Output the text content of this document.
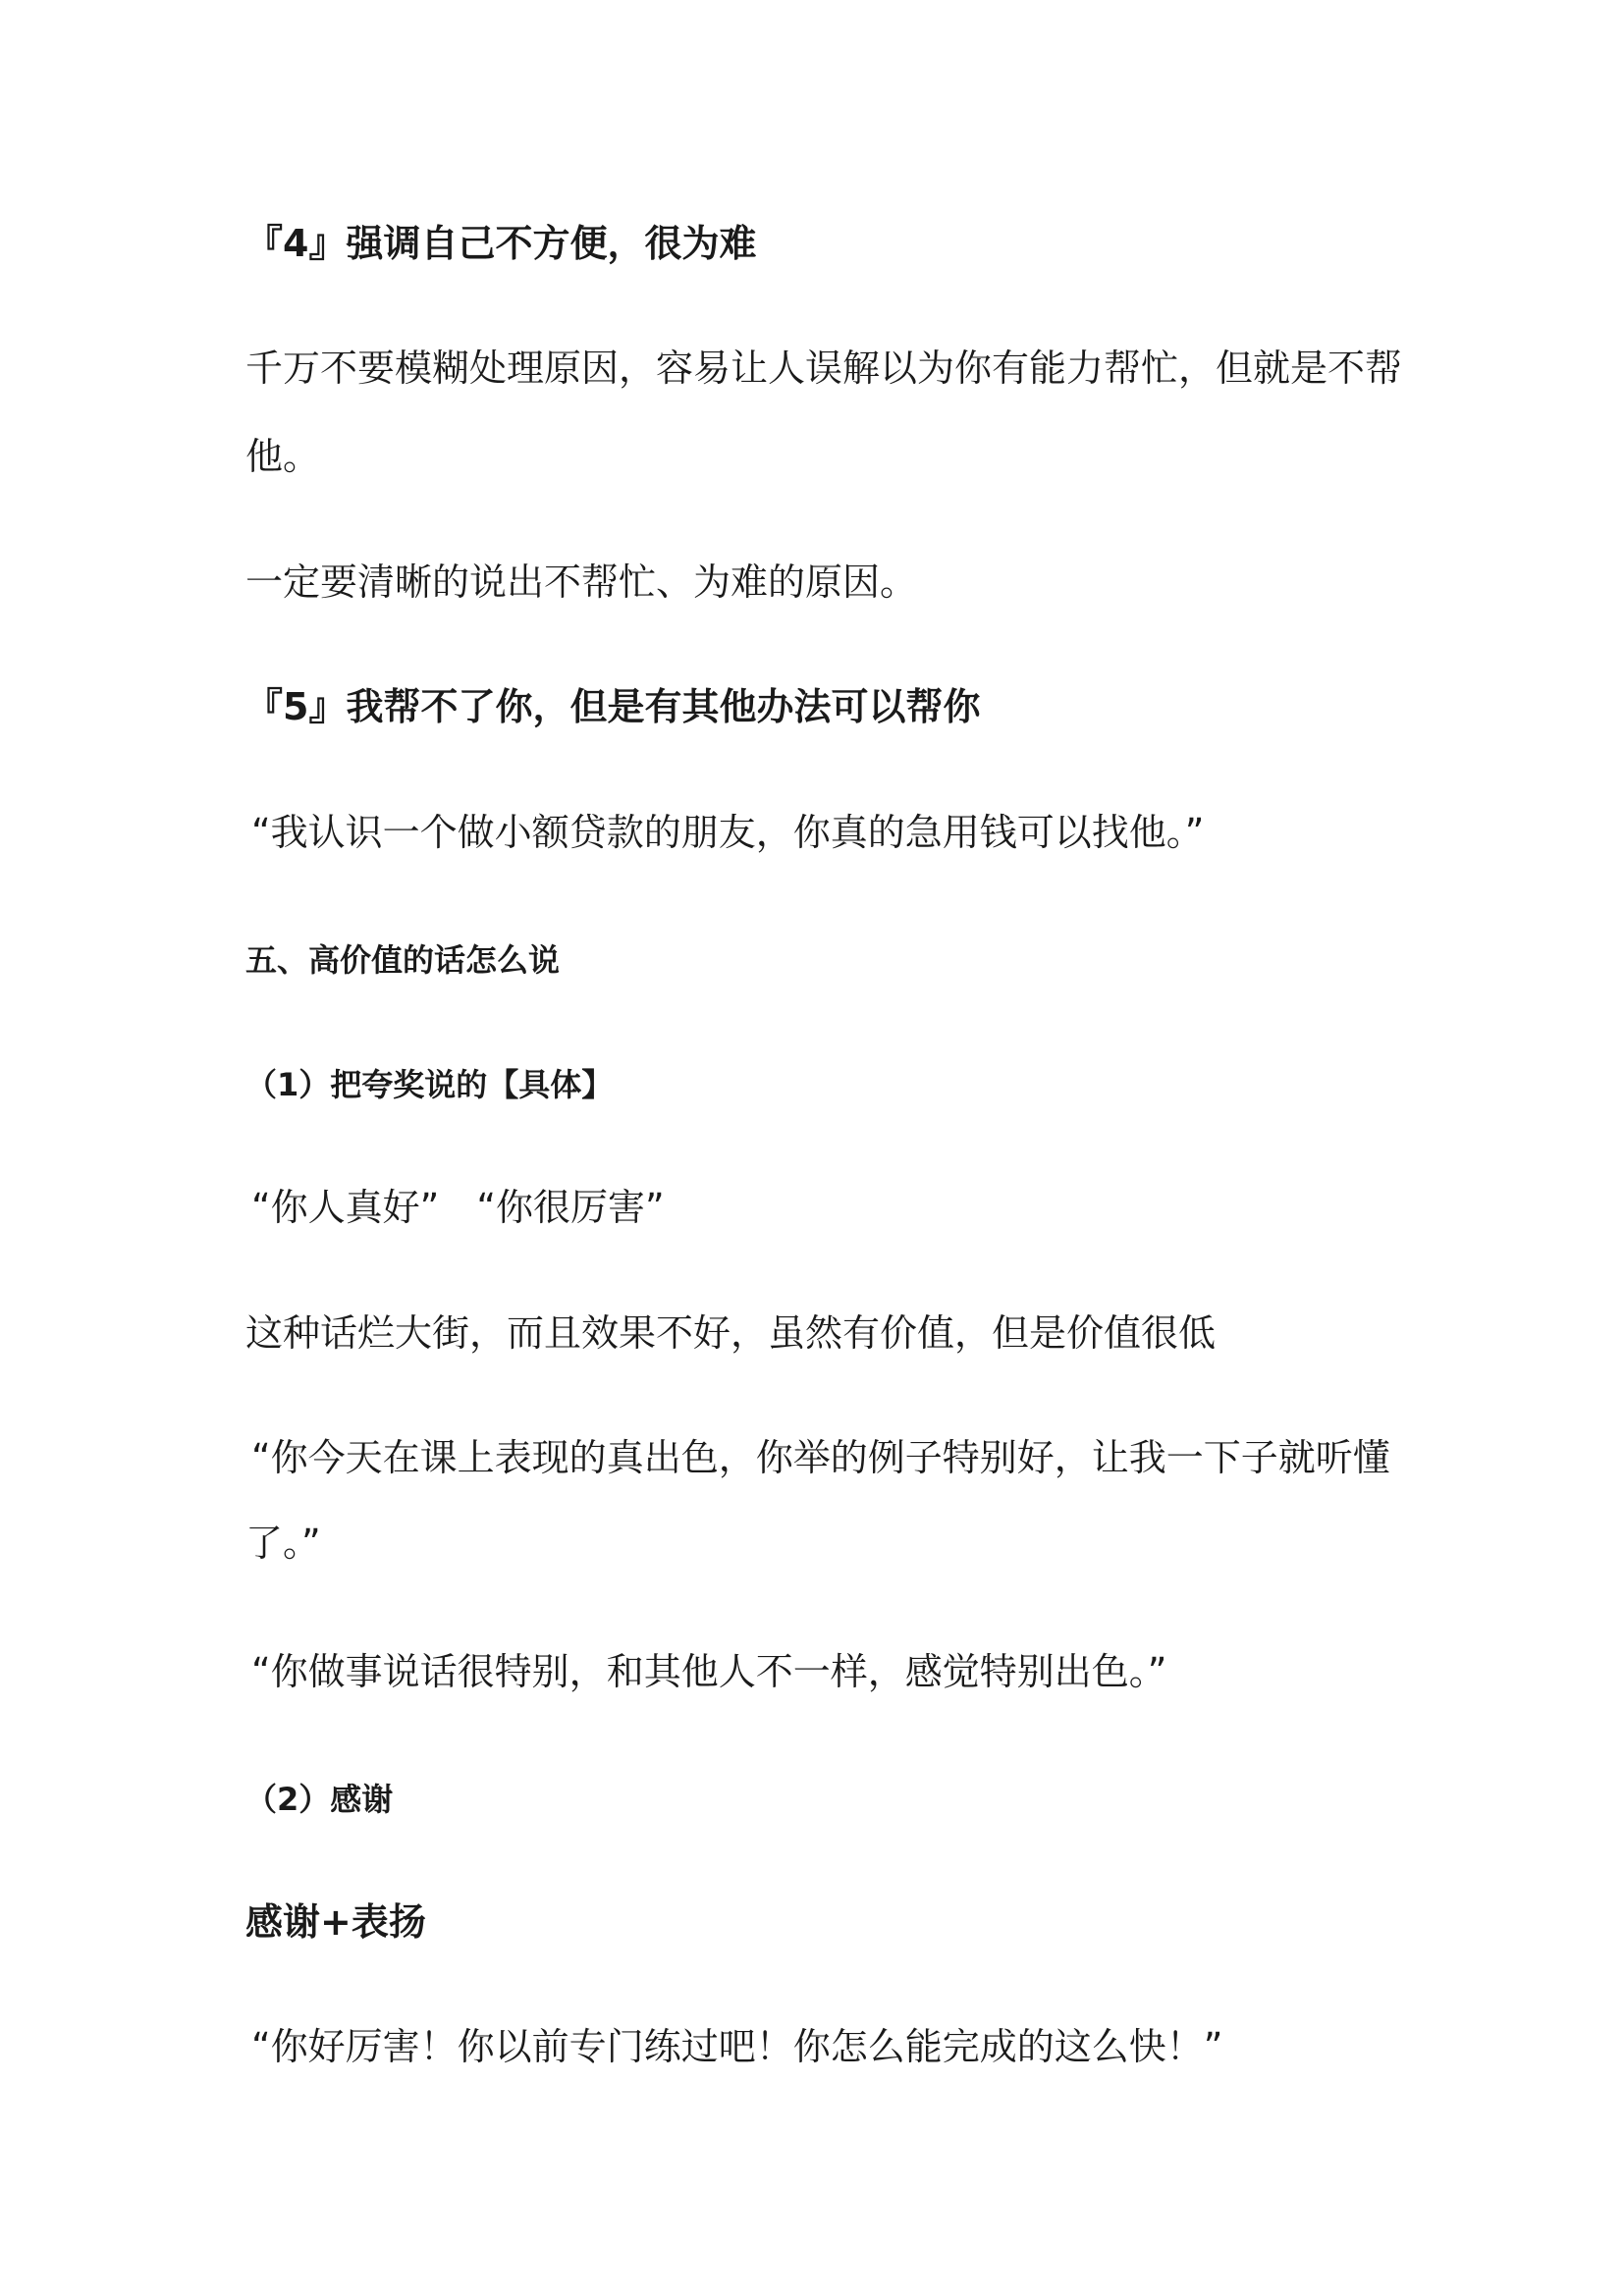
『4』强调自己不方便，很为难
千万不要模糊处理原因，容易让人误解以为你有能力帮忙，但就是不帮
他。
一定要清晰的说出不帮忙、为难的原因。
『5』我帮不了你，但是有其他办法可以帮你
“我认识一个做小额贷款的朋友，你真的急用钱可以找他。”
五、高价值的话怎么说
（1）把夸奖说的【具体】
“你人真好”　“你很厉害”
这种话烂大街，而且效果不好，虽然有价值，但是价值很低
“你今天在课上表现的真出色，你举的例子特别好，让我一下子就听懂
了。”
“你做事说话很特别，和其他人不一样，感觉特别出色。”
（2）感谢
感谢+表扬
“你好厉害！你以前专门练过吧！你怎么能完成的这么快！”
